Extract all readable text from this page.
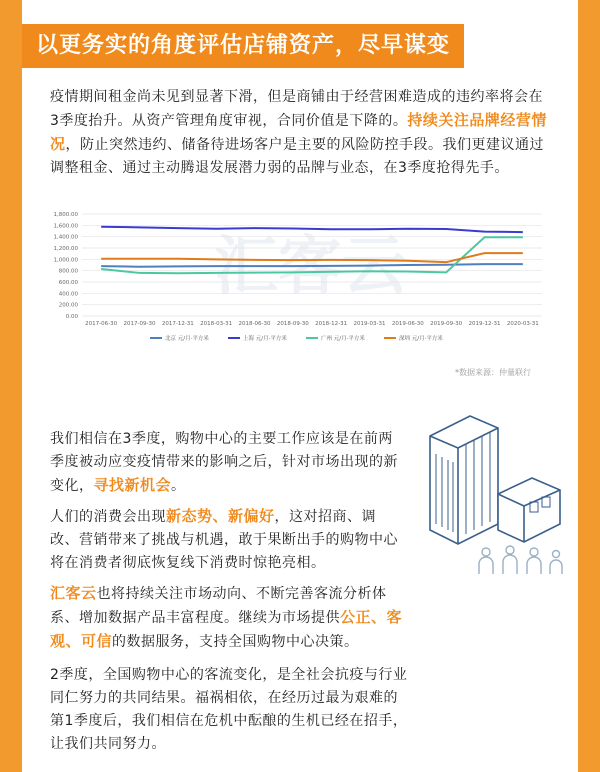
以更务实的角度评估店铺资产，尽早谋变
疫情期间租金尚未见到显著下滑，但是商铺由于经营困难造成的违约率将会在3季度抬升。从资产管理角度审视，合同价值是下降的。持续关注品牌经营情况，防止突然违约、储备待进场客户是主要的风险防控手段。我们更建议通过调整租金、通过主动腾退发展潜力弱的品牌与业态，在3季度抢得先手。
汇客云
0.00
200.00
400.00
600.00
800.00
1,000.00
1,200.00
1,400.00
1,600.00
1,800.00
2017-06-30 2017-09-30 2017-12-31 2018-03-31 2018-06-30 2018-09-30 2018-12-31 2019-03-31 2019-06-30 2019-09-30 2019-12-31 2020-03-31
北京 元/月·平方米	上海 元/月·平方米	广州 元/月·平方米	深圳 元/月·平方米
*数据来源：仲量联行
我们相信在3季度，购物中心的主要工作应该是在前两季度被动应变疫情带来的影响之后，针对市场出现的新变化，寻找新机会。
人们的消费会出现新态势、新偏好，这对招商、调改、营销带来了挑战与机遇，敢于果断出手的购物中心将在消费者彻底恢复线下消费时惊艳亮相。
汇客云也将持续关注市场动向、不断完善客流分析体系、增加数据产品丰富程度。继续为市场提供公正、客观、可信的数据服务，支持全国购物中心决策。
2季度，全国购物中心的客流变化，是全社会抗疫与行业同仁努力的共同结果。福祸相依，在经历过最为艰难的第1季度后，我们相信在危机中酝酿的生机已经在招手，让我们共同努力。
